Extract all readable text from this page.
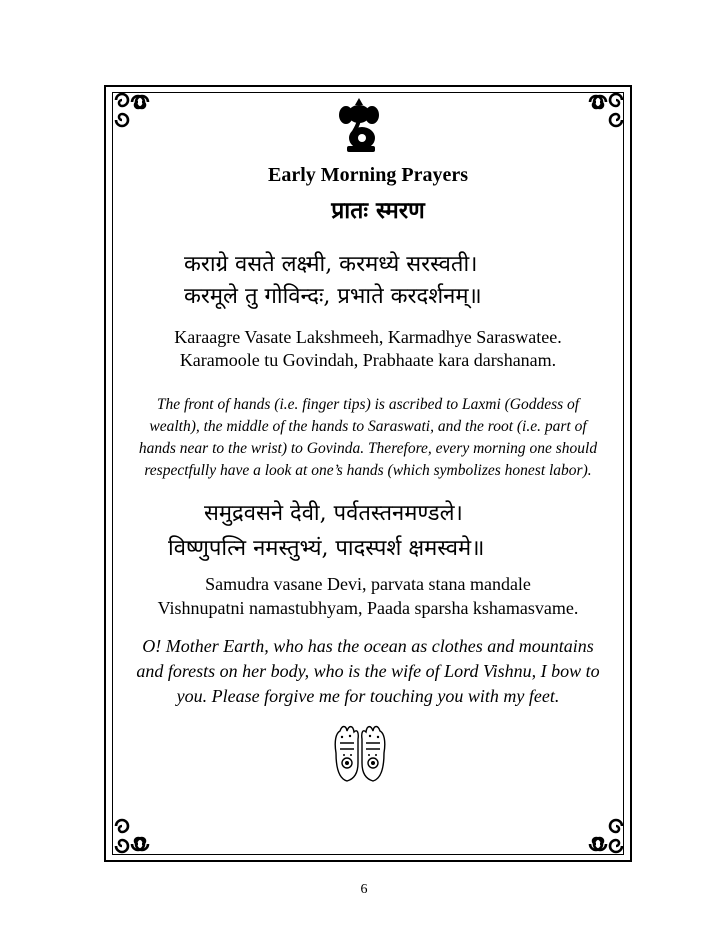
Early Morning Prayers
प्रातः स्मरण
कराग्रे वसते लक्ष्मी, करमध्ये सरस्वती।
करमूले तु गोविन्दः, प्रभाते करदर्शनम्॥
Karaagre Vasate Lakshmeeh, Karmadhye Saraswatee.
Karamoole tu Govindah, Prabhaate kara darshanam.
The front of hands (i.e. finger tips) is ascribed to Laxmi (Goddess of
wealth), the middle of the hands to Saraswati, and the root (i.e. part of
hands near to the wrist) to Govinda. Therefore, every morning one should
respectfully have a look at one’s hands (which symbolizes honest labor).
समुद्रवसने देवी, पर्वतस्तनमण्डले।
विष्णुपत्नि नमस्तुभ्यं, पादस्पर्श क्षमस्वमे॥
Samudra vasane Devi, parvata stana mandale
Vishnupatni namastubhyam, Paada sparsha kshamasvame.
O! Mother Earth, who has the ocean as clothes and mountains
and forests on her body, who is the wife of Lord Vishnu, I bow to
you. Please forgive me for touching you with my feet.
6
